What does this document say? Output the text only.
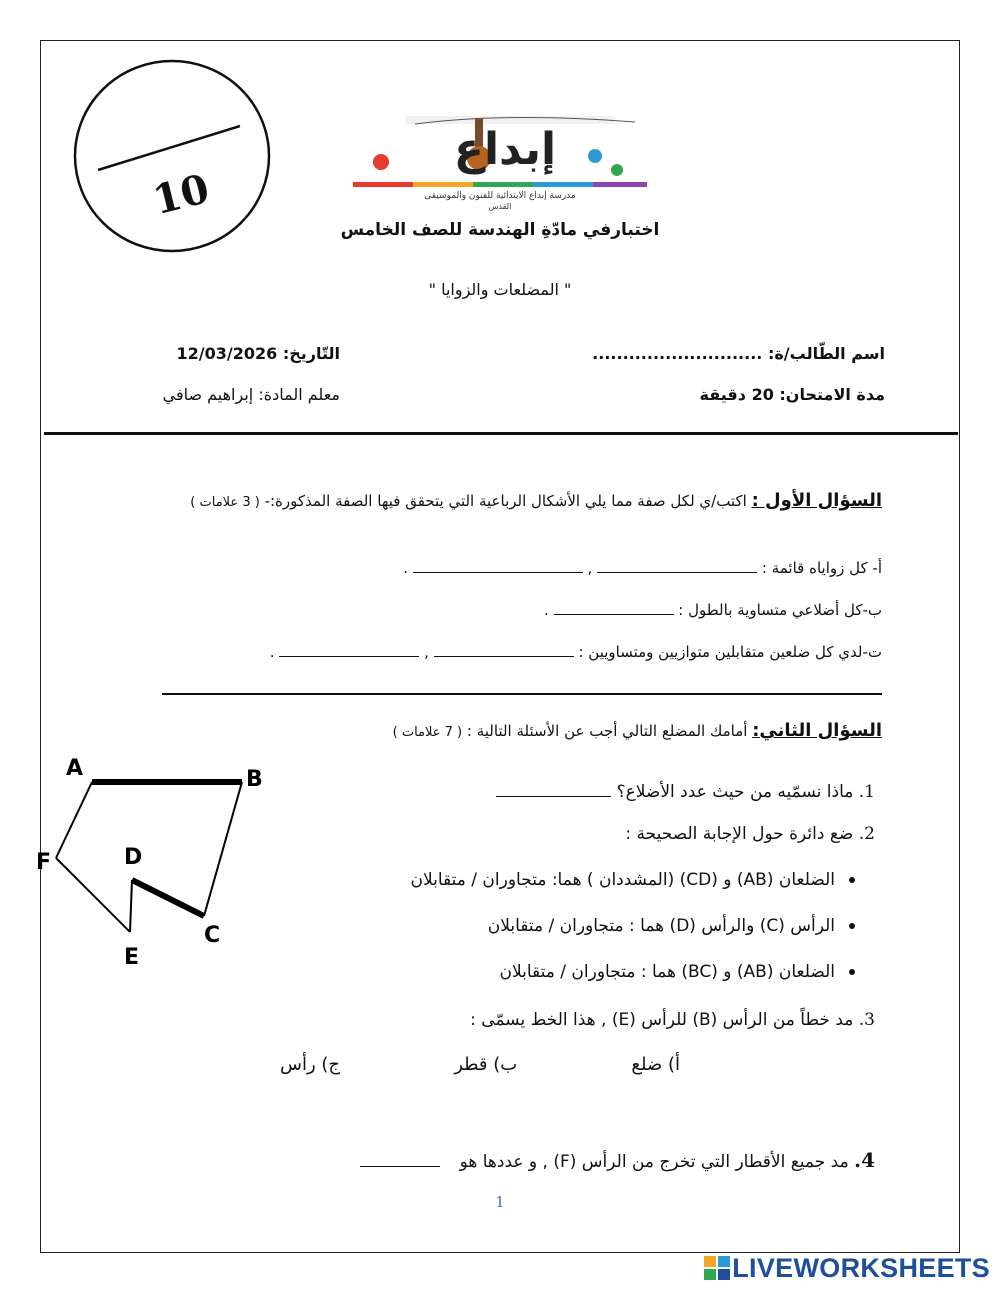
10
إبداع
مدرسة إبداع الابتدائية للفنون والموسيقى
القدس
اختبارفي مادّةِ الهندسة للصف الخامس
" المضلعات والزوايا "
اسم الطّالب/ة: ............................
التّاريخ: 12/03/2026
مدة الامتحان: 20 دقيقة
معلم المادة: إبراهيم صافي
السؤال الأول : اكتب/ي لكل صفة مما يلي الأشكال الرباعية التي يتحقق فيها الصفة المذكورة:- ( 3 علامات )
أ- كل زواياه قائمة :  ,  .
ب-كل أضلاعي متساوية بالطول :  .
ت-لدي كل ضلعين متقابلين متوازيين ومتساويين :  ,  .
السؤال الثاني: أمامك المضلع التالي أجب عن الأسئلة التالية : ( 7 علامات )
A	B
C
D
E
F
1. ماذا نسمّيه من حيث عدد الأضلاع؟
2. ضع دائرة حول الإجابة الصحيحة :
الضلعان (AB) و (CD) (المشددان ) هما: متجاوران / متقابلان
الرأس (C) والرأس (D) هما : متجاوران / متقابلان
الضلعان (AB) و (BC) هما : متجاوران / متقابلان
3. مد خطاً من الرأس (B) للرأس (E) , هذا الخط يسمّى :
أ) ضلع
ب) قطر
ج) رأس
4. مد جميع الأقطار التي تخرج من الرأس (F) , و عددها هو
1
LIVEWORKSHEETS
